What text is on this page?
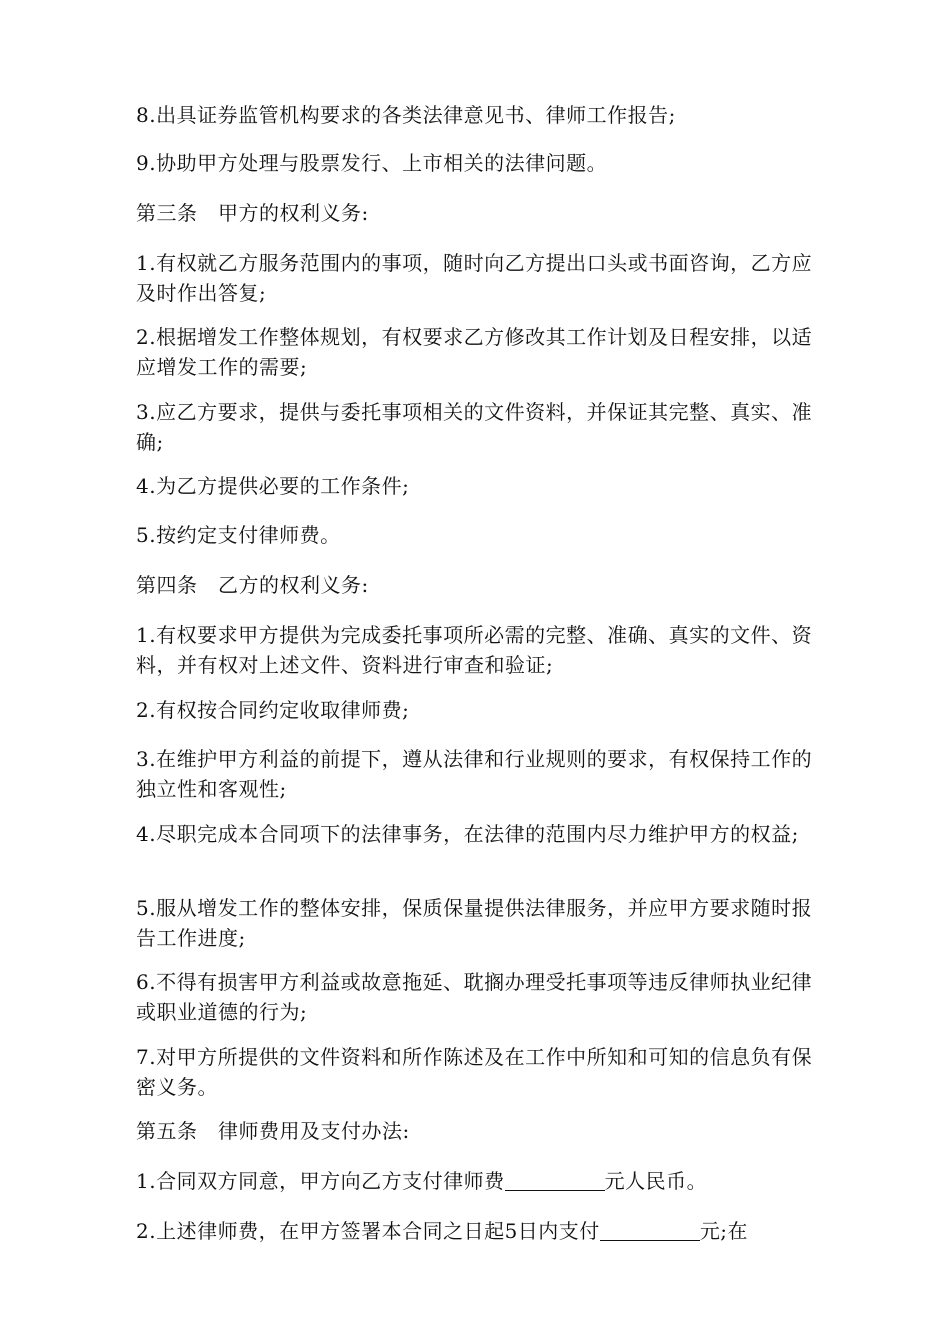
8.出具证券监管机构要求的各类法律意见书、律师工作报告;

9.协助甲方处理与股票发行、上市相关的法律问题。

第三条　甲方的权利义务:

1.有权就乙方服务范围内的事项，随时向乙方提出口头或书面咨询，乙方应及时作出答复;

2.根据增发工作整体规划，有权要求乙方修改其工作计划及日程安排，以适应增发工作的需要;

3.应乙方要求，提供与委托事项相关的文件资料，并保证其完整、真实、准确;

4.为乙方提供必要的工作条件;

5.按约定支付律师费。

第四条　乙方的权利义务:

1.有权要求甲方提供为完成委托事项所必需的完整、准确、真实的文件、资料，并有权对上述文件、资料进行审查和验证;

2.有权按合同约定收取律师费;

3.在维护甲方利益的前提下，遵从法律和行业规则的要求，有权保持工作的独立性和客观性;

4.尽职完成本合同项下的法律事务，在法律的范围内尽力维护甲方的权益;

5.服从增发工作的整体安排，保质保量提供法律服务，并应甲方要求随时报告工作进度;

6.不得有损害甲方利益或故意拖延、耽搁办理受托事项等违反律师执业纪律或职业道德的行为;

7.对甲方所提供的文件资料和所作陈述及在工作中所知和可知的信息负有保密义务。

第五条　律师费用及支付办法:

1.合同双方同意，甲方向乙方支付律师费	元人民币。

2.上述律师费，在甲方签署本合同之日起5日内支付	元;在
